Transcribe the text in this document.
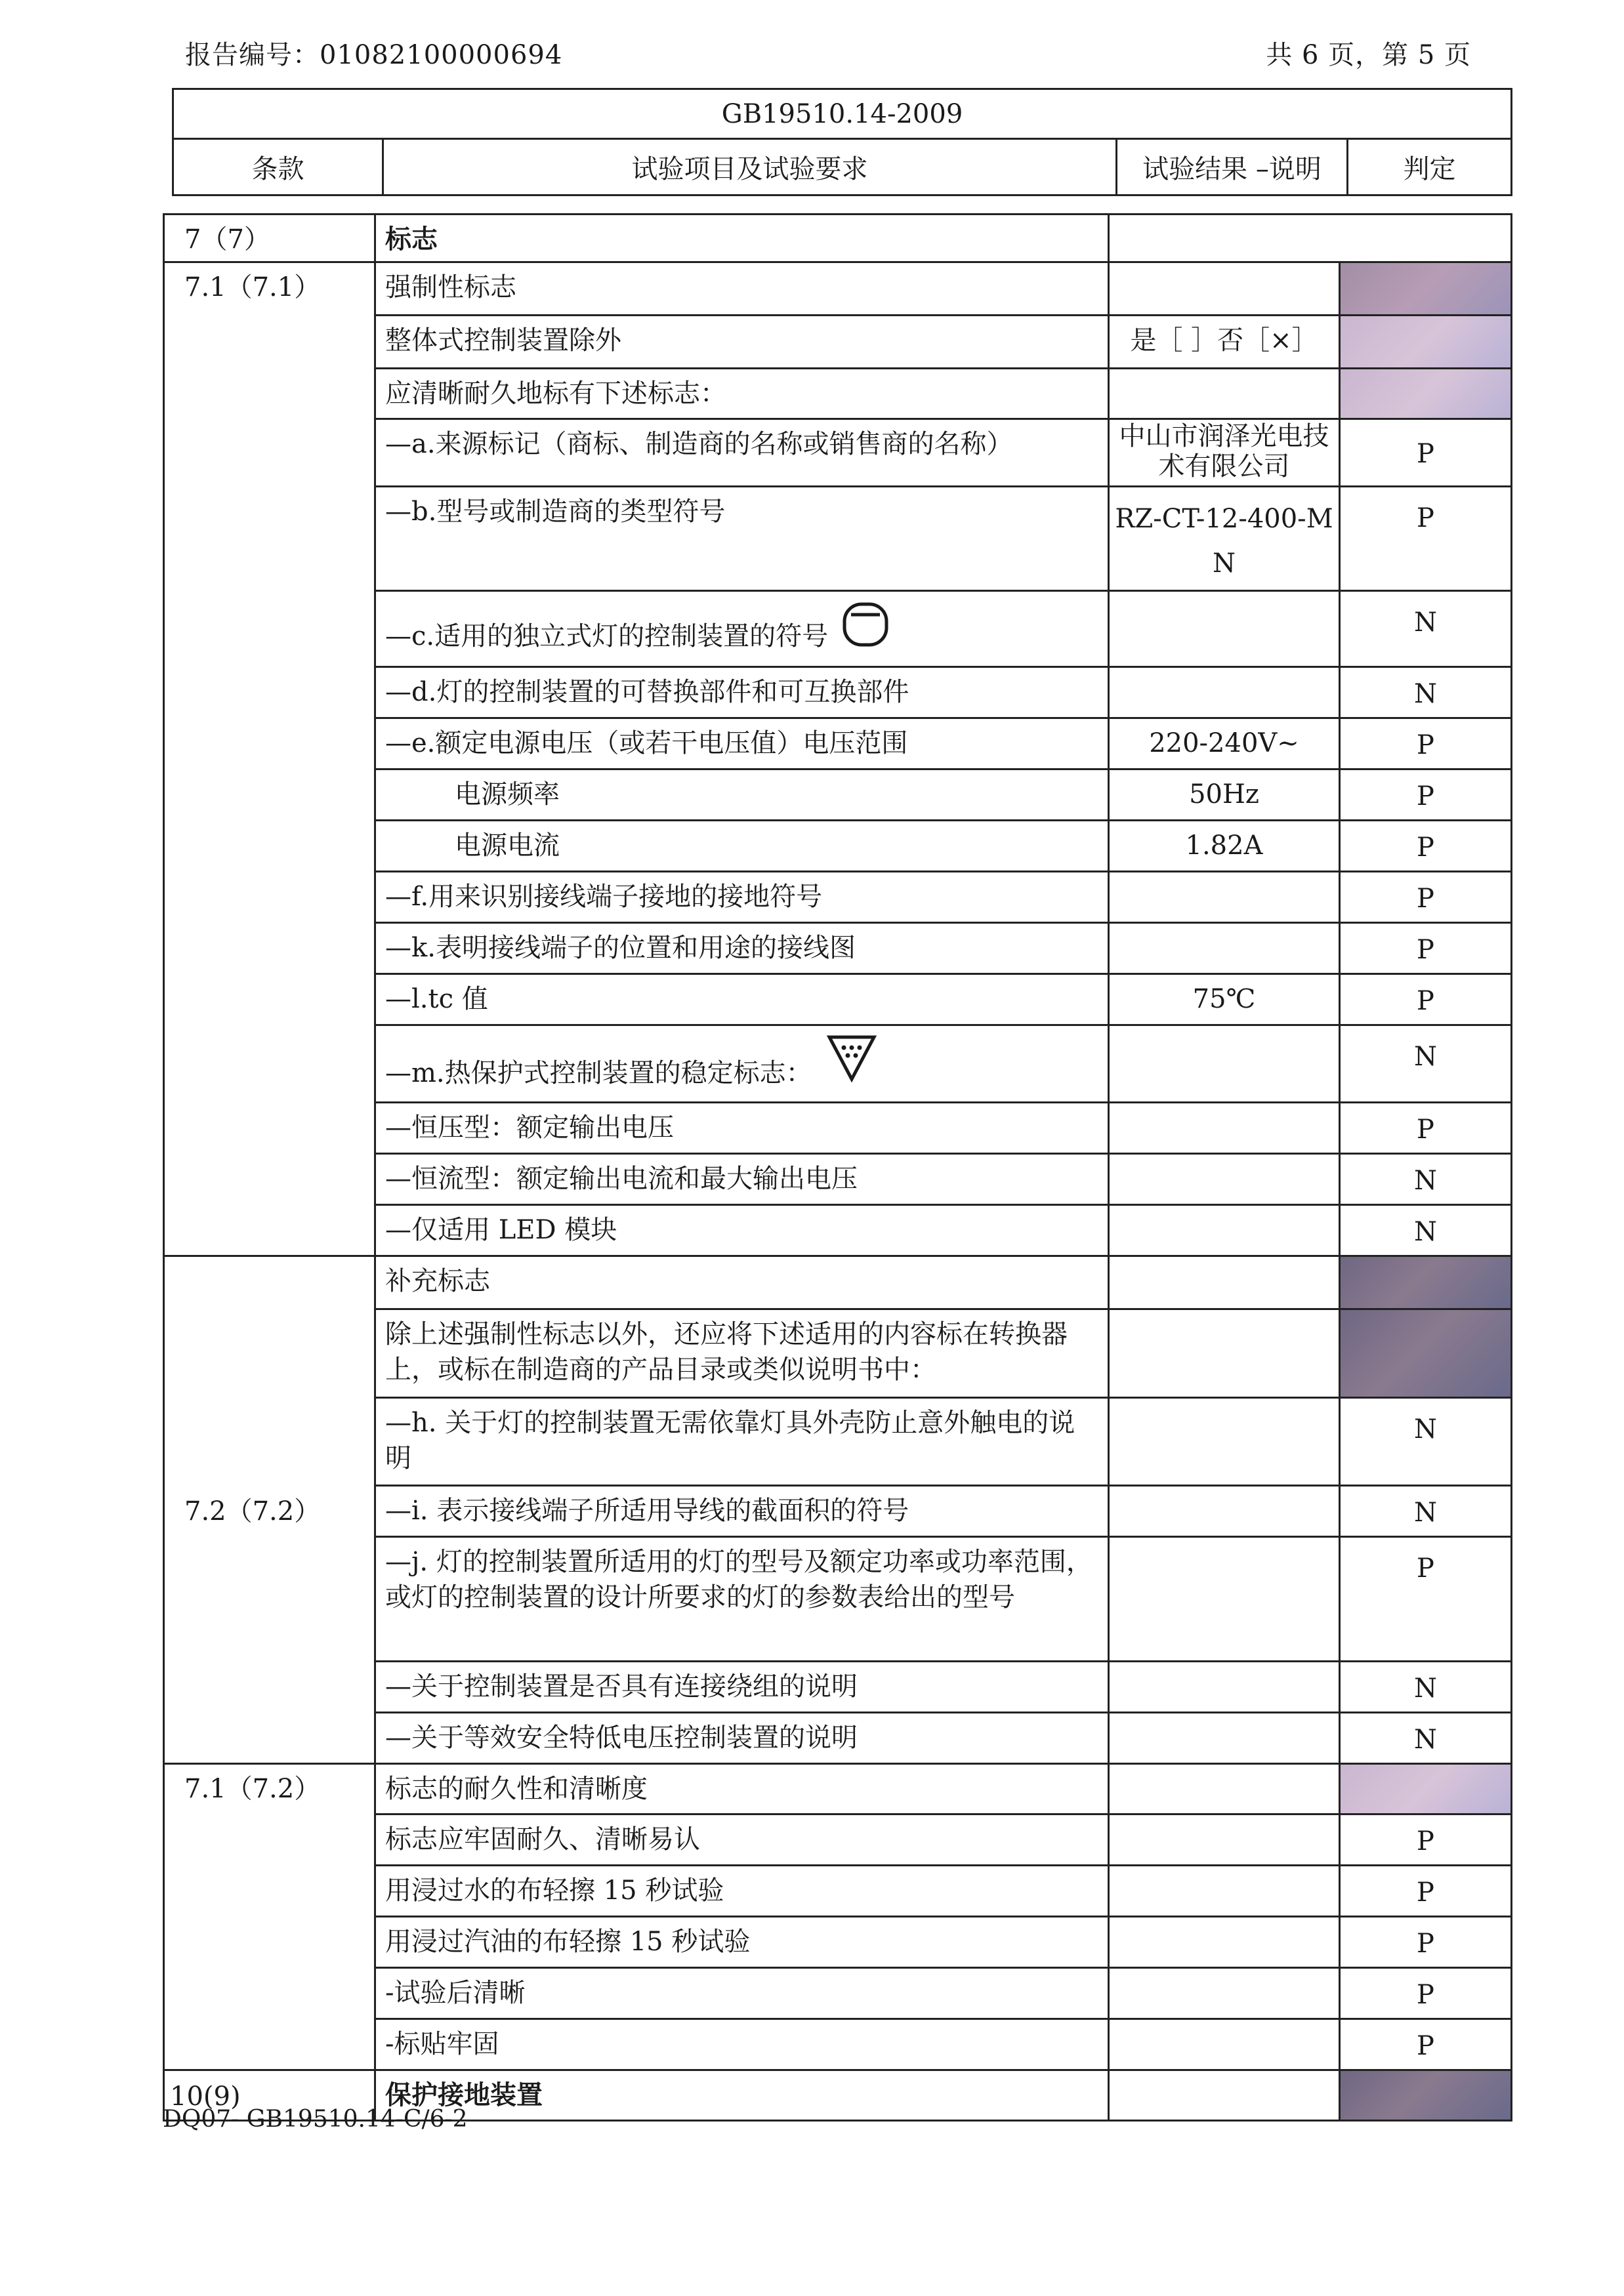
报告编号：01082100000694	共 6 页，第 5 页
GB19510.14-2009
条款	试验项目及试验要求	试验结果 –说明	判定
7（7）	标志		
7.1（7.1）	强制性标志		

	整体式控制装置除外	是［ ］否［×］	

	应清晰耐久地标有下述标志：		

	—a.来源标记（商标、制造商的名称或销售商的名称）	中山市润泽光电技术有限公司	P
	—b.型号或制造商的类型符号	RZ-CT-12-400-MN	P
	—c.适用的独立式灯的控制装置的符号		N
	—d.灯的控制装置的可替换部件和可互换部件		N
	—e.额定电源电压（或若干电压值）电压范围	220-240V~	P
	电源频率	50Hz	P
	电源电流	1.82A	P
	—f.用来识别接线端子接地的接地符号		P
	—k.表明接线端子的位置和用途的接线图		P
	—l.tc 值	75℃	P
	—m.热保护式控制装置的稳定标志：		N
	—恒压型：额定输出电压		P
	—恒流型：额定输出电流和最大输出电压		N
	—仅适用 LED 模块		N
7.2（7.2）	补充标志		

	除上述强制性标志以外，还应将下述适用的内容标在转换器上，或标在制造商的产品目录或类似说明书中：		

	—h. 关于灯的控制装置无需依靠灯具外壳防止意外触电的说明		N
	—i. 表示接线端子所适用导线的截面积的符号		N
	—j. 灯的控制装置所适用的灯的型号及额定功率或功率范围，或灯的控制装置的设计所要求的灯的参数表给出的型号		P
	—关于控制装置是否具有连接绕组的说明		N
	—关于等效安全特低电压控制装置的说明		N
7.1（7.2）	标志的耐久性和清晰度		

	标志应牢固耐久、清晰易认		P
	用浸过水的布轻擦 15 秒试验		P
	用浸过汽油的布轻擦 15 秒试验		P
	-试验后清晰		P
	-标贴牢固		P
10(9)	保护接地装置		
DQ07- GB19510.14-C/6-2
